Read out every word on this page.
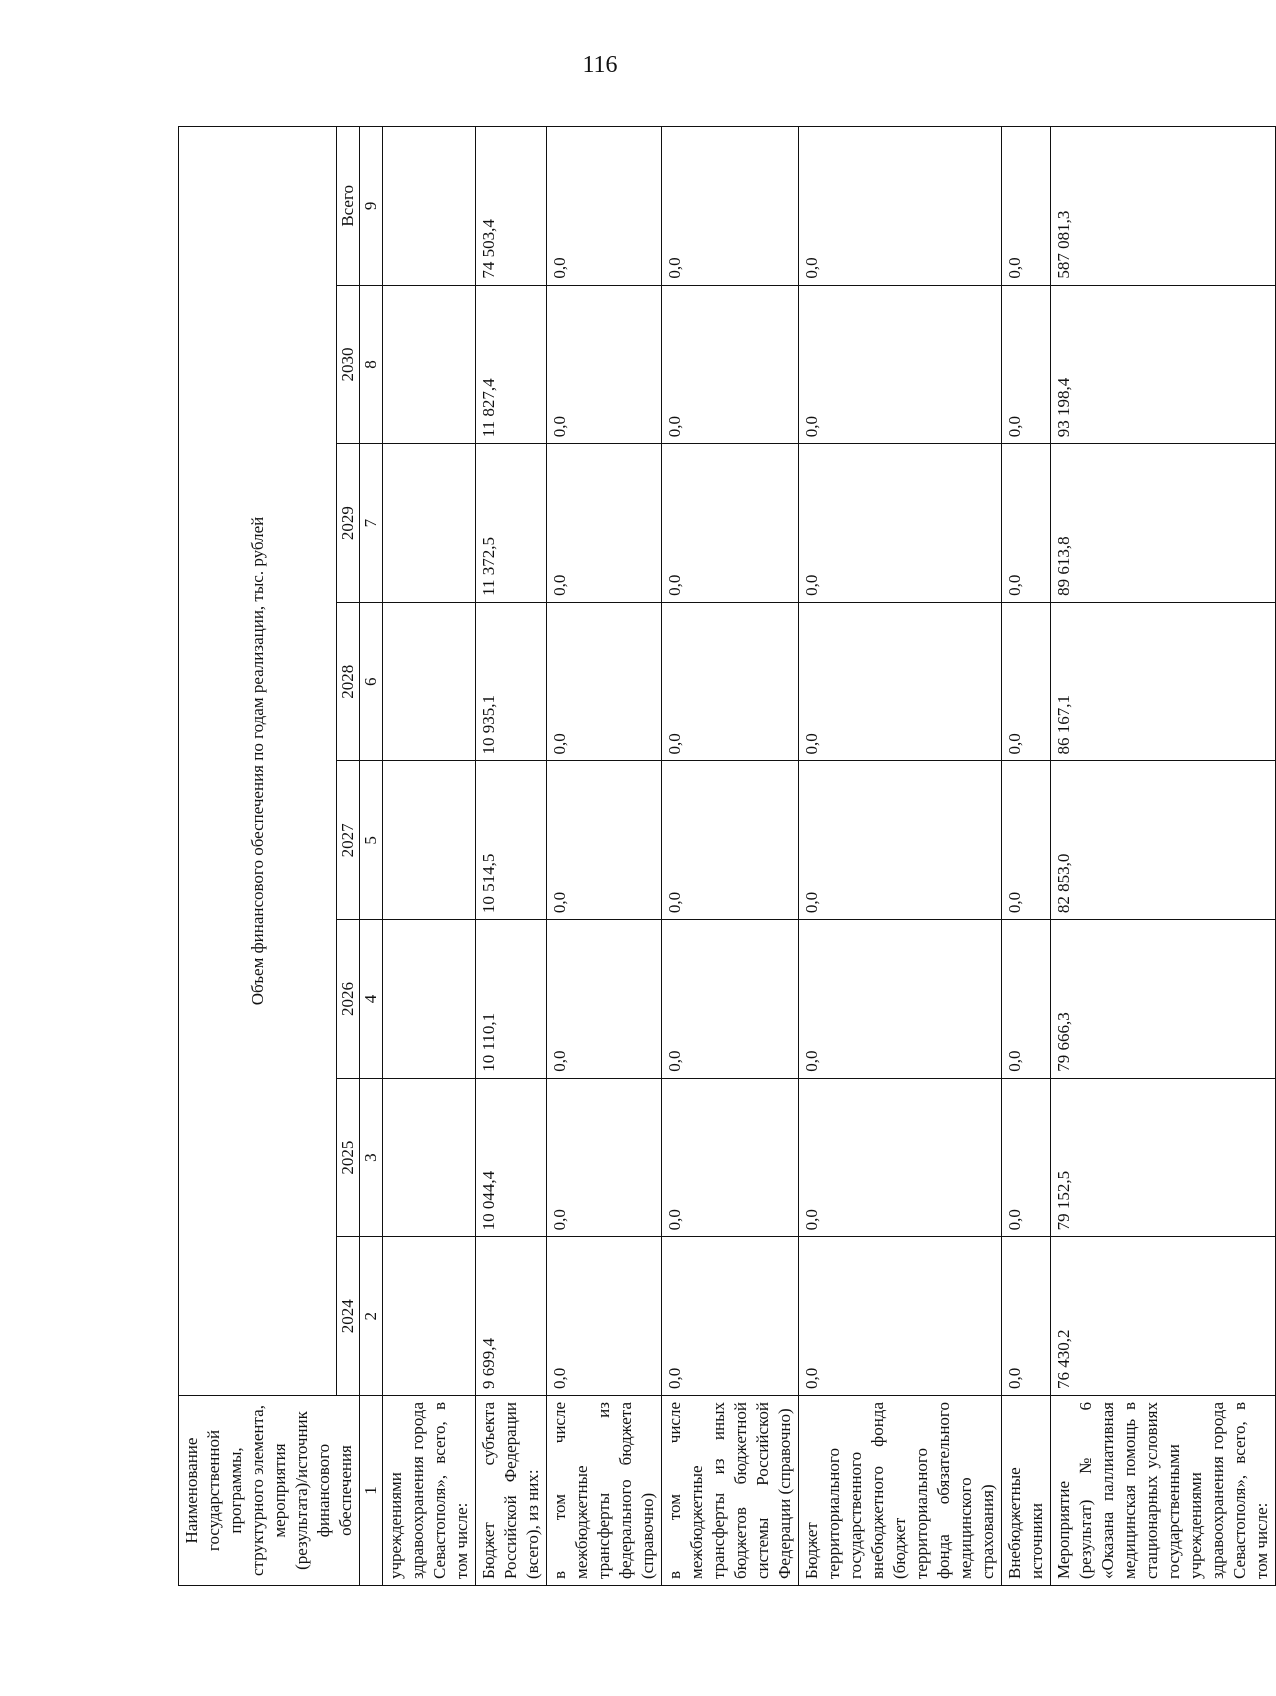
116
Наименование государственной программы, структурного элемента, мероприятия (результата)/источник финансового обеспечения	Объем финансового обеспечения по годам реализации, тыс. рублей							
	2024	2025	2026	2027	2028	2029	2030	Всего
1	2	3	4	5	6	7	8	9
учреждениями здравоохранения города Севастополя», всего, в том числе:								
Бюджет субъекта Российской Федерации (всего), из них:	9 699,4	10 044,4	10 110,1	10 514,5	10 935,1	11 372,5	11 827,4	74 503,4
в том числе межбюджетные трансферты из федерального бюджета (справочно)	0,0	0,0	0,0	0,0	0,0	0,0	0,0	0,0
в том числе межбюджетные трансферты из иных бюджетов бюджетной системы Российской Федерации (справочно)	0,0	0,0	0,0	0,0	0,0	0,0	0,0	0,0
Бюджет территориального государственного внебюджетного фонда (бюджет территориального фонда обязательного медицинского страхования)	0,0	0,0	0,0	0,0	0,0	0,0	0,0	0,0
Внебюджетные источники	0,0	0,0	0,0	0,0	0,0	0,0	0,0	0,0
Мероприятие (результат) № 6 «Оказана паллиативная медицинская помощь в стационарных условиях государственными учреждениями здравоохранения города Севастополя», всего, в том числе:	76 430,2	79 152,5	79 666,3	82 853,0	86 167,1	89 613,8	93 198,4	587 081,3
